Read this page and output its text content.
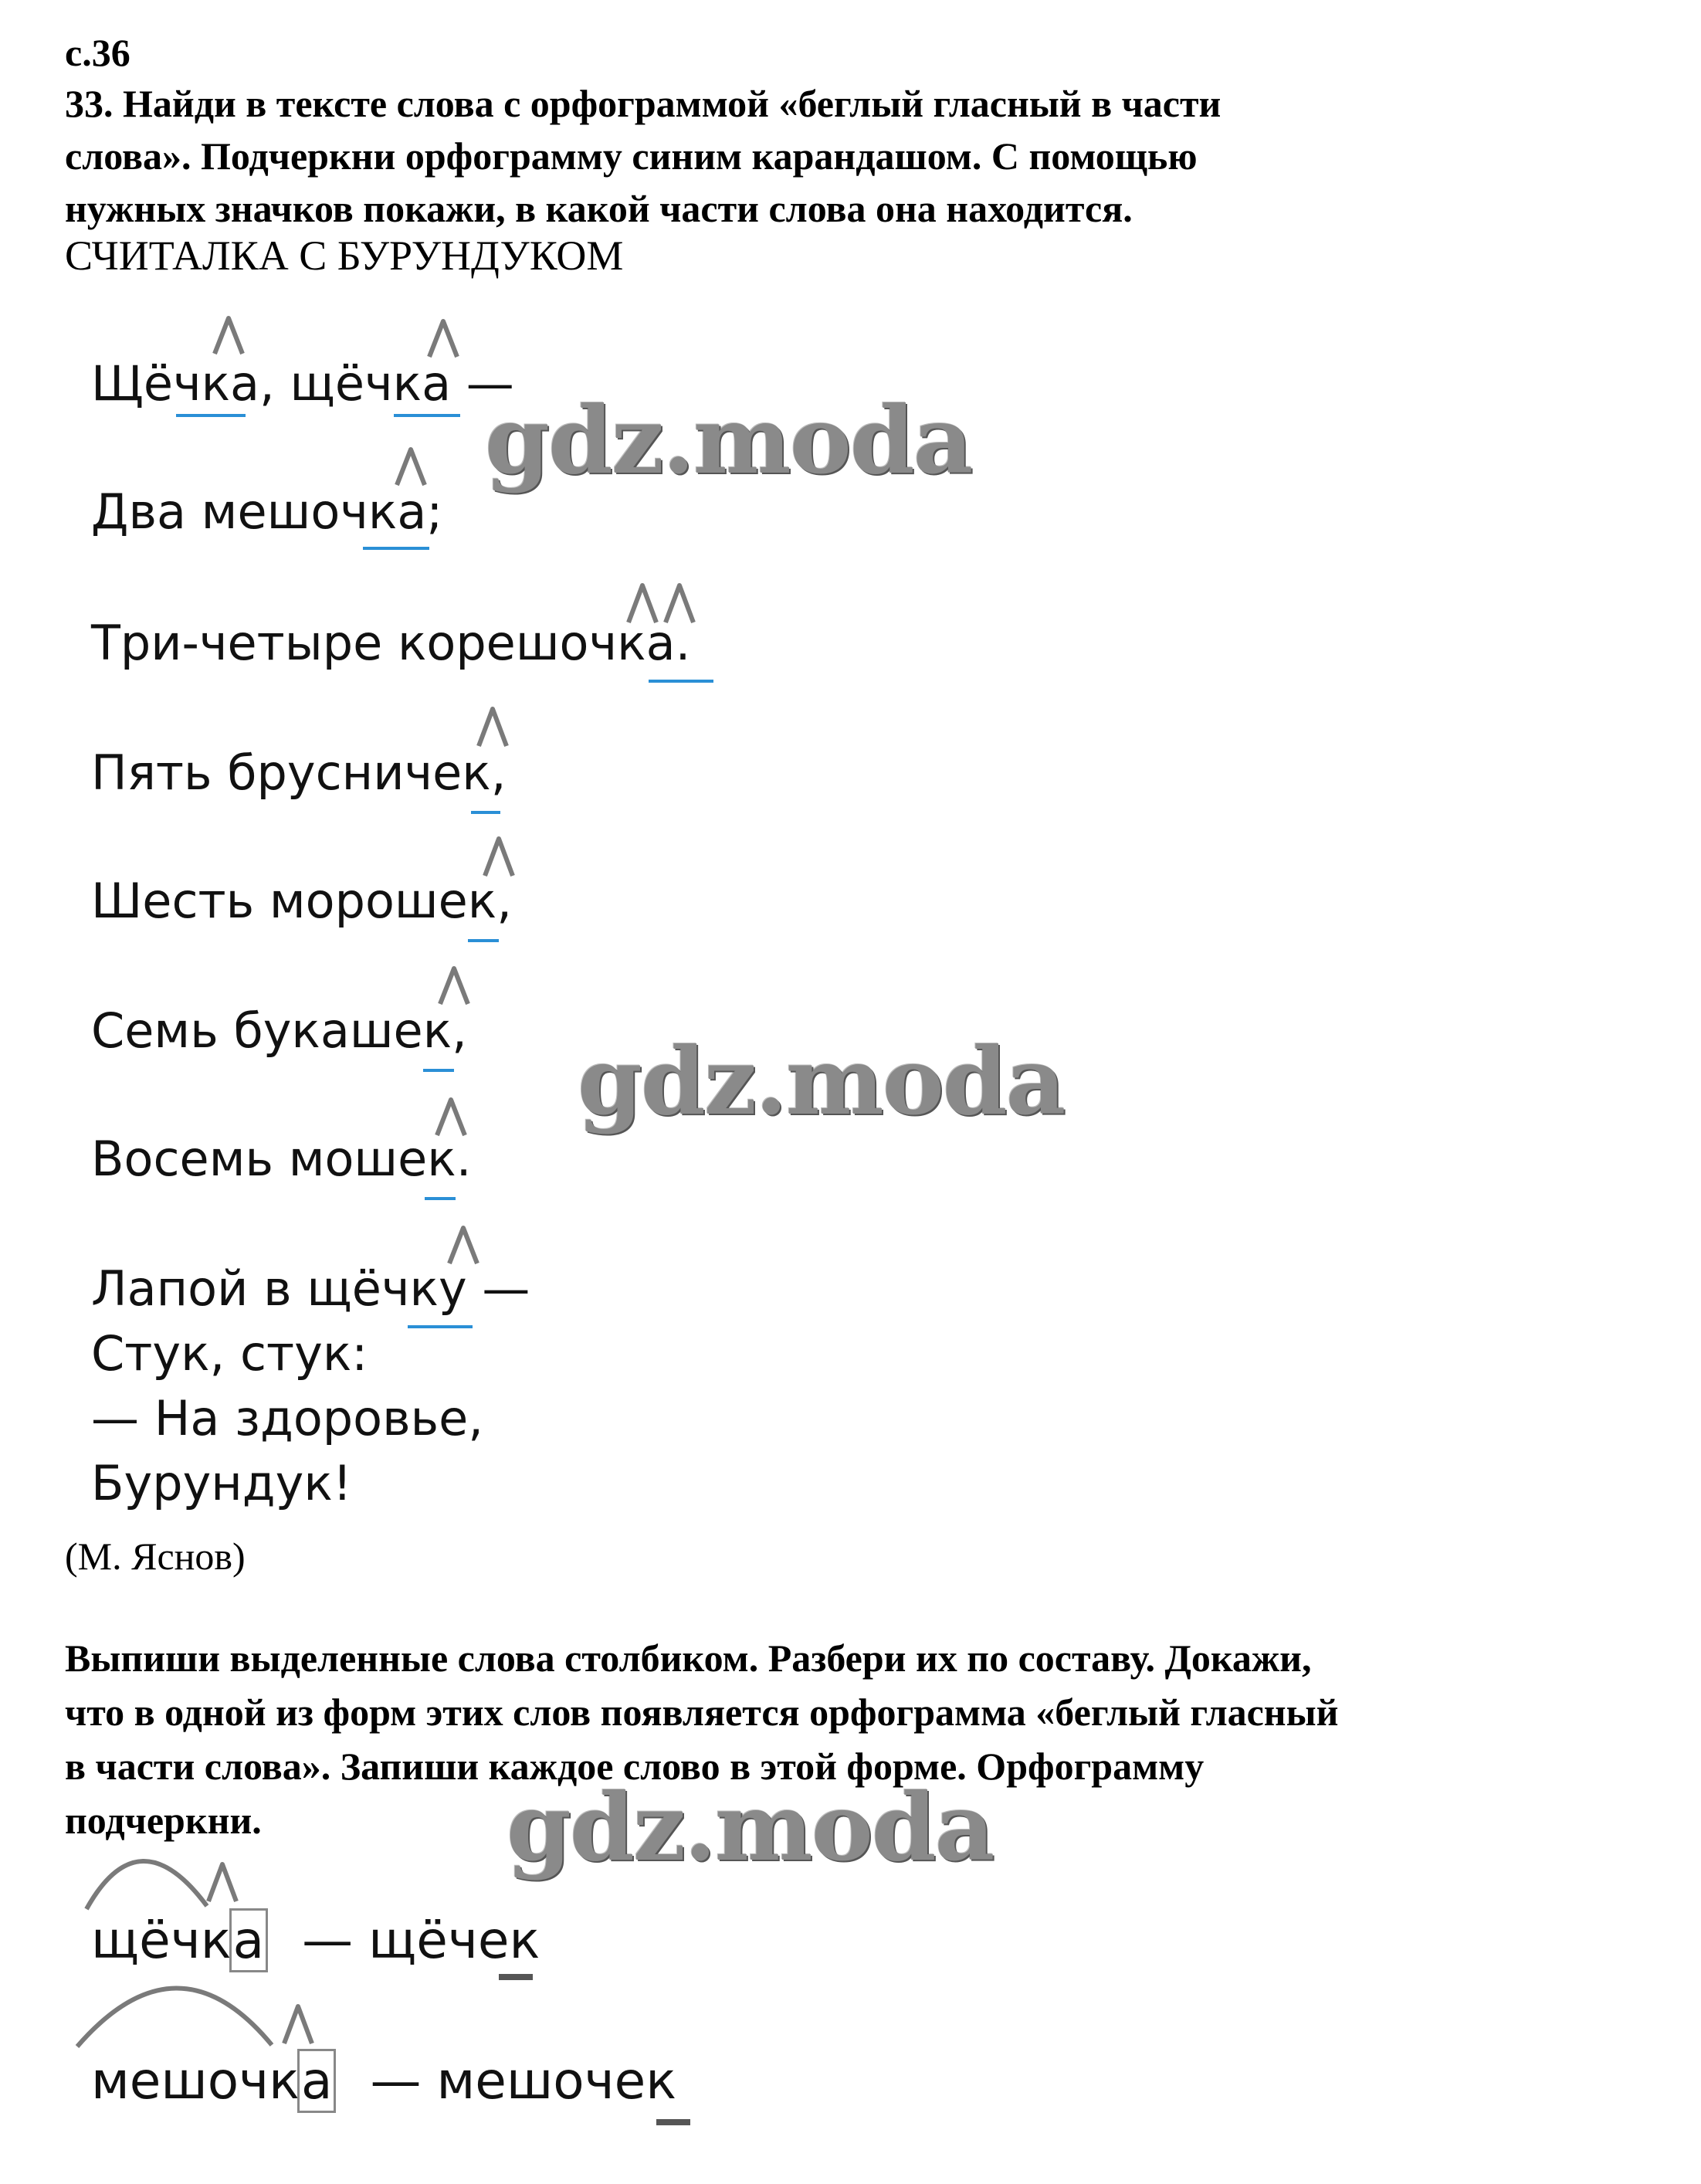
с.36
33. Найди в тексте слова с орфограммой «беглый гласный в части
слова». Подчеркни орфограмму синим карандашом. С помощью
нужных значков покажи, в какой части слова она находится.
СЧИТАЛКА С БУРУНДУКОМ
Щёчка, щёчка —
Два мешочка;
Три-четыре корешочка.
Пять брусничек,
Шесть морошек,
Семь букашек,
Восемь мошек.
Лапой в щёчку —
Стук, стук:
— На здоровье,
Бурундук!
(М. Яснов)
Выпиши выделенные слова столбиком. Разбери их по составу. Докажи,
что в одной из форм этих слов появляется орфограмма «беглый гласный
в части слова». Запиши каждое слово в этой форме. Орфограмму
подчеркни.
щёчка — щёчек
мешочка — мешочек
gdz.moda
gdz.moda
gdz.moda
